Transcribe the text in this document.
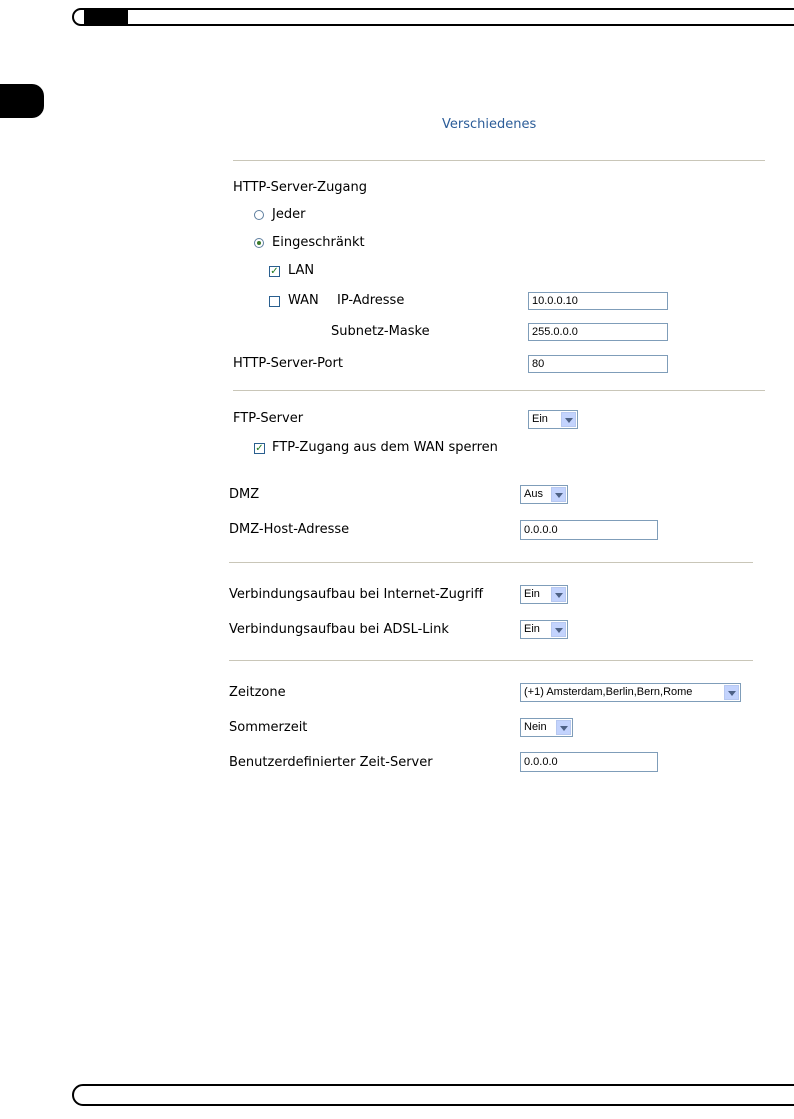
Verschiedenes
HTTP-Server-Zugang
Jeder
Eingeschränkt
✓ LAN
WAN IP-Adresse	10.0.0.10
Subnetz-Maske	255.0.0.0
HTTP-Server-Port	80
FTP-Server	Ein
✓ FTP-Zugang aus dem WAN sperren
DMZ	Aus
DMZ-Host-Adresse	0.0.0.0
Verbindungsaufbau bei Internet-Zugriff	Ein
Verbindungsaufbau bei ADSL-Link	Ein
Zeitzone	(+1) Amsterdam,Berlin,Bern,Rome
Sommerzeit	Nein
Benutzerdefinierter Zeit-Server	0.0.0.0
